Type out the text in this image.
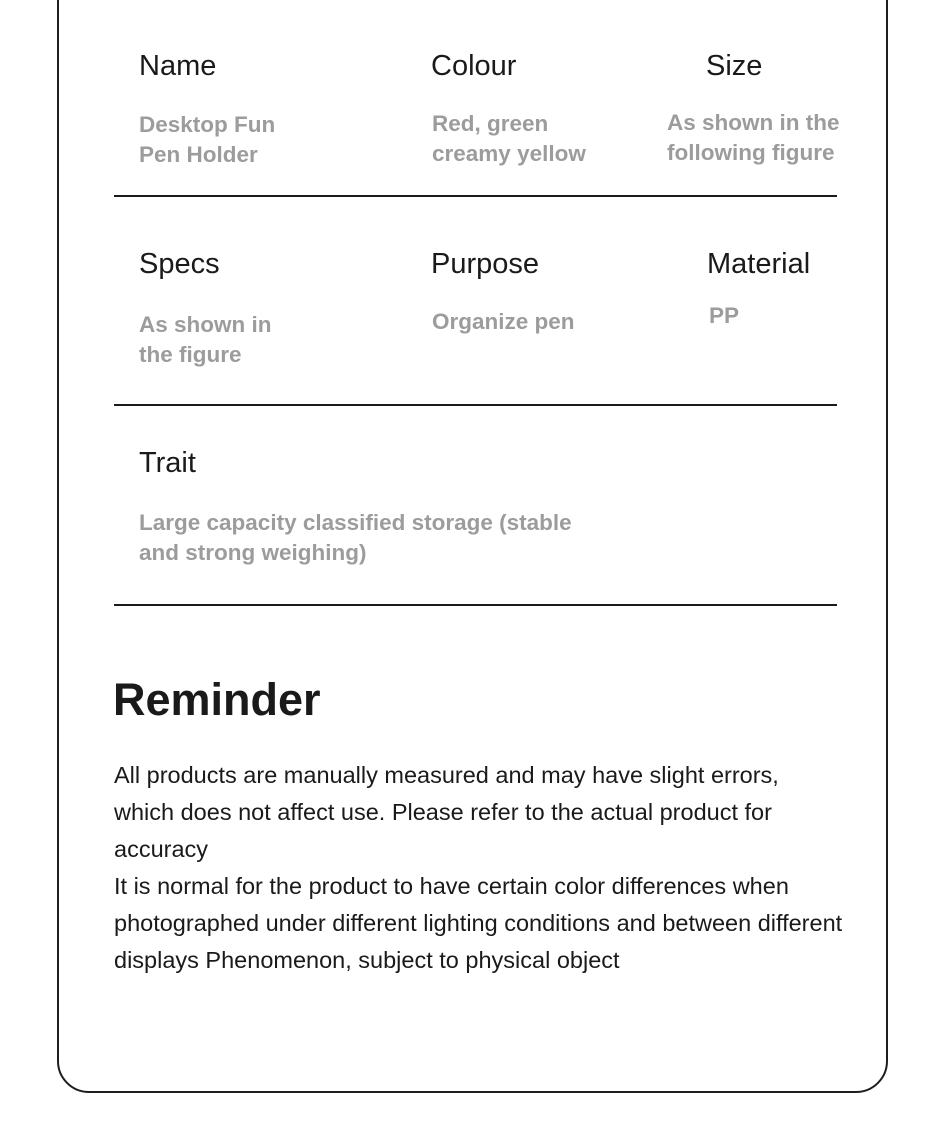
Name
Desktop Fun
Pen Holder
Colour
Red, green
creamy yellow
Size
As shown in the
following figure
Specs
As shown in
the figure
Purpose
Organize pen
Material
PP
Trait
Large capacity classified storage (stable
and strong weighing)
Reminder

All products are manually measured and may have slight errors, which does not affect use. Please refer to the actual product for accuracy

It is normal for the product to have certain color differences when photographed under different lighting conditions and between different displays Phenomenon, subject to physical object
